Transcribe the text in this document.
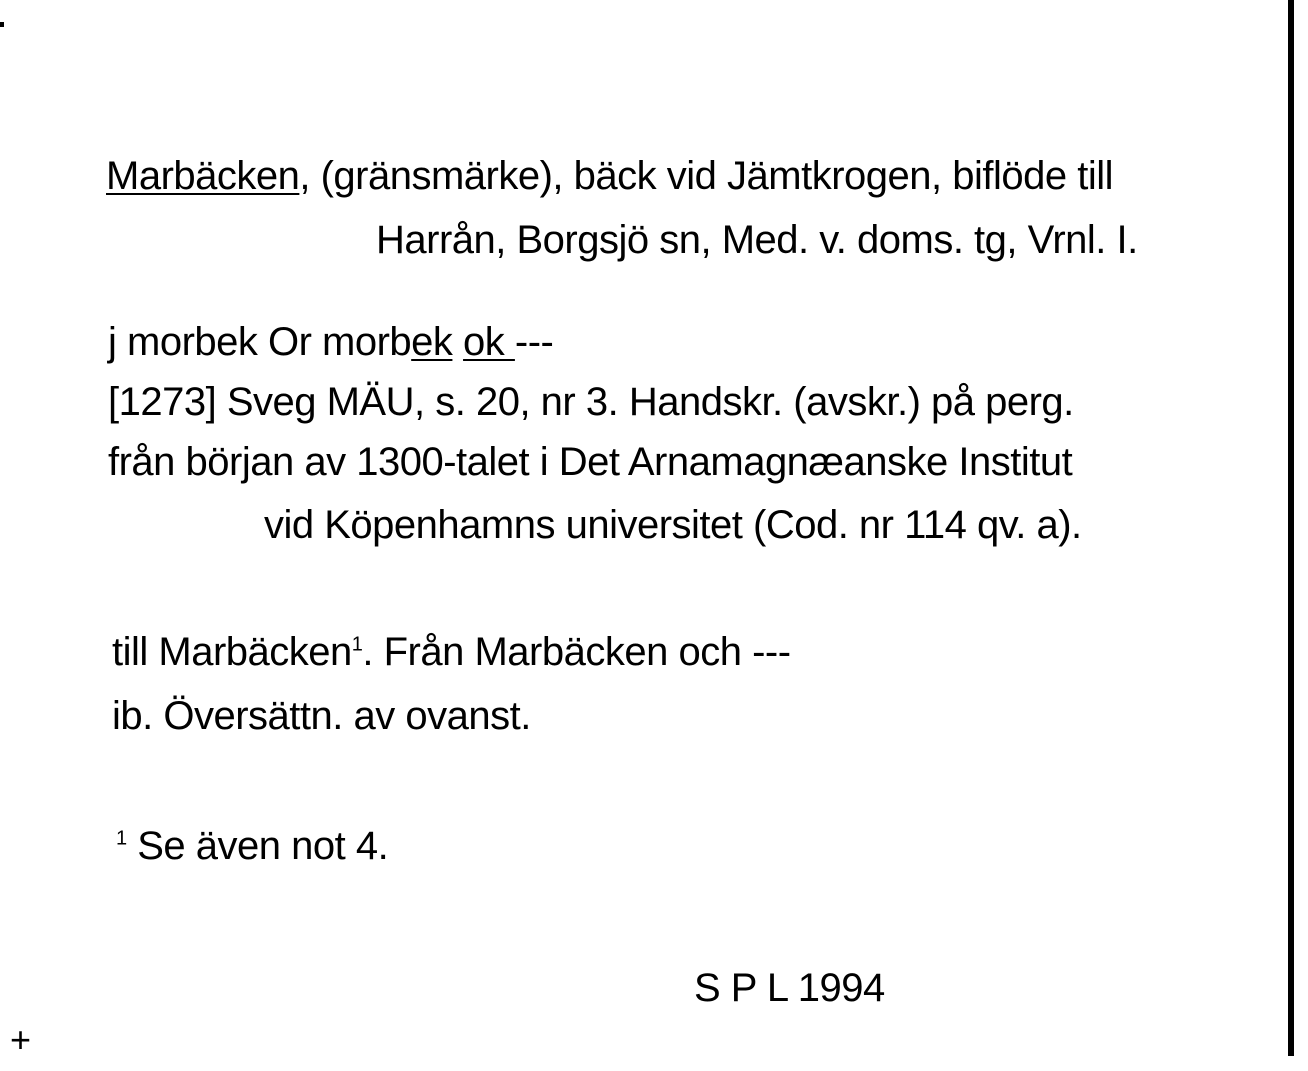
Marbäcken, (gränsmärke), bäck vid Jämtkrogen, biflöde till
Harrån, Borgsjö sn, Med. v. doms. tg, Vrnl. I.
j morbek Or morbek ok ---
[1273] Sveg MÄU, s. 20, nr 3. Handskr. (avskr.) på perg.
från början av 1300-talet i Det Arnamagnæanske Institut
vid Köpenhamns universitet (Cod. nr 114 qv. a).
till Marbäcken$^1$. Från Marbäcken och ---
ib. Översättn. av ovanst.
$^1$ Se även not 4.
S P L 1994
+
